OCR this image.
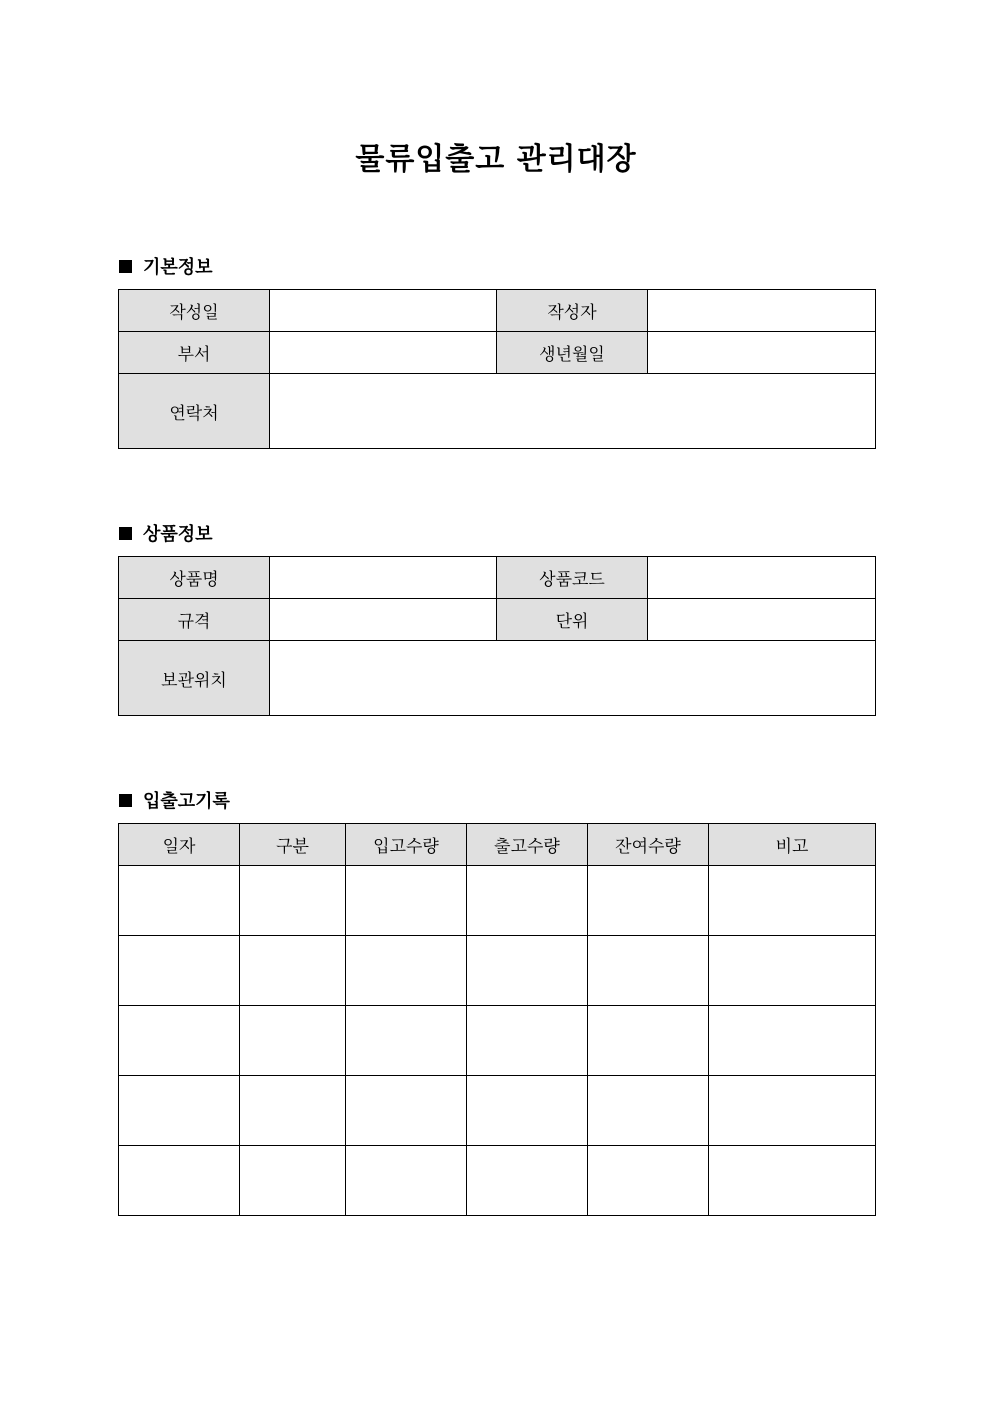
물류입출고 관리대장
기본정보
작성일		작성자	
부서		생년월일	
연락처			
상품정보
상품명		상품코드	
규격		단위	
보관위치			
입출고기록
일자	구분	입고수량	출고수량	잔여수량	비고
